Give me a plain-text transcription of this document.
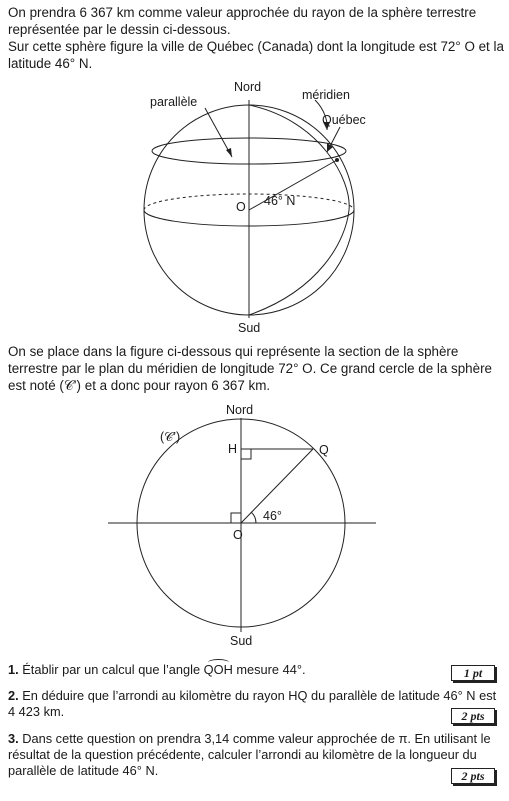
On prendra 6 367 km comme valeur approchée du rayon de la sphère terrestre représentée par le dessin ci-dessous.

Sur cette sphère figure la ville de Québec (Canada) dont la longitude est 72° O et la latitude 46° N.

Nord
Sud
parallèle	méridien
Québec
O 46° N

On se place dans la figure ci-dessous qui représente la section de la sphère terrestre par le plan du méridien de longitude 72° O. Ce grand cercle de la sphère est noté (𝒞’) et a donc pour rayon 6 367 km.

Nord
Sud
(𝒞’)
H	Q
O
46°

1. Établir par un calcul que l’angle
QOH mesure 44°.	1 pt

2. En déduire que l’arrondi au kilomètre du rayon HQ du parallèle de latitude 46° N est 4 423 km.	2 pts

3. Dans cette question on prendra 3,14 comme valeur approchée de π. En utilisant le résultat de la question précédente, calculer l’arrondi au kilomètre de la longueur du parallèle de latitude 46° N.	2 pts
